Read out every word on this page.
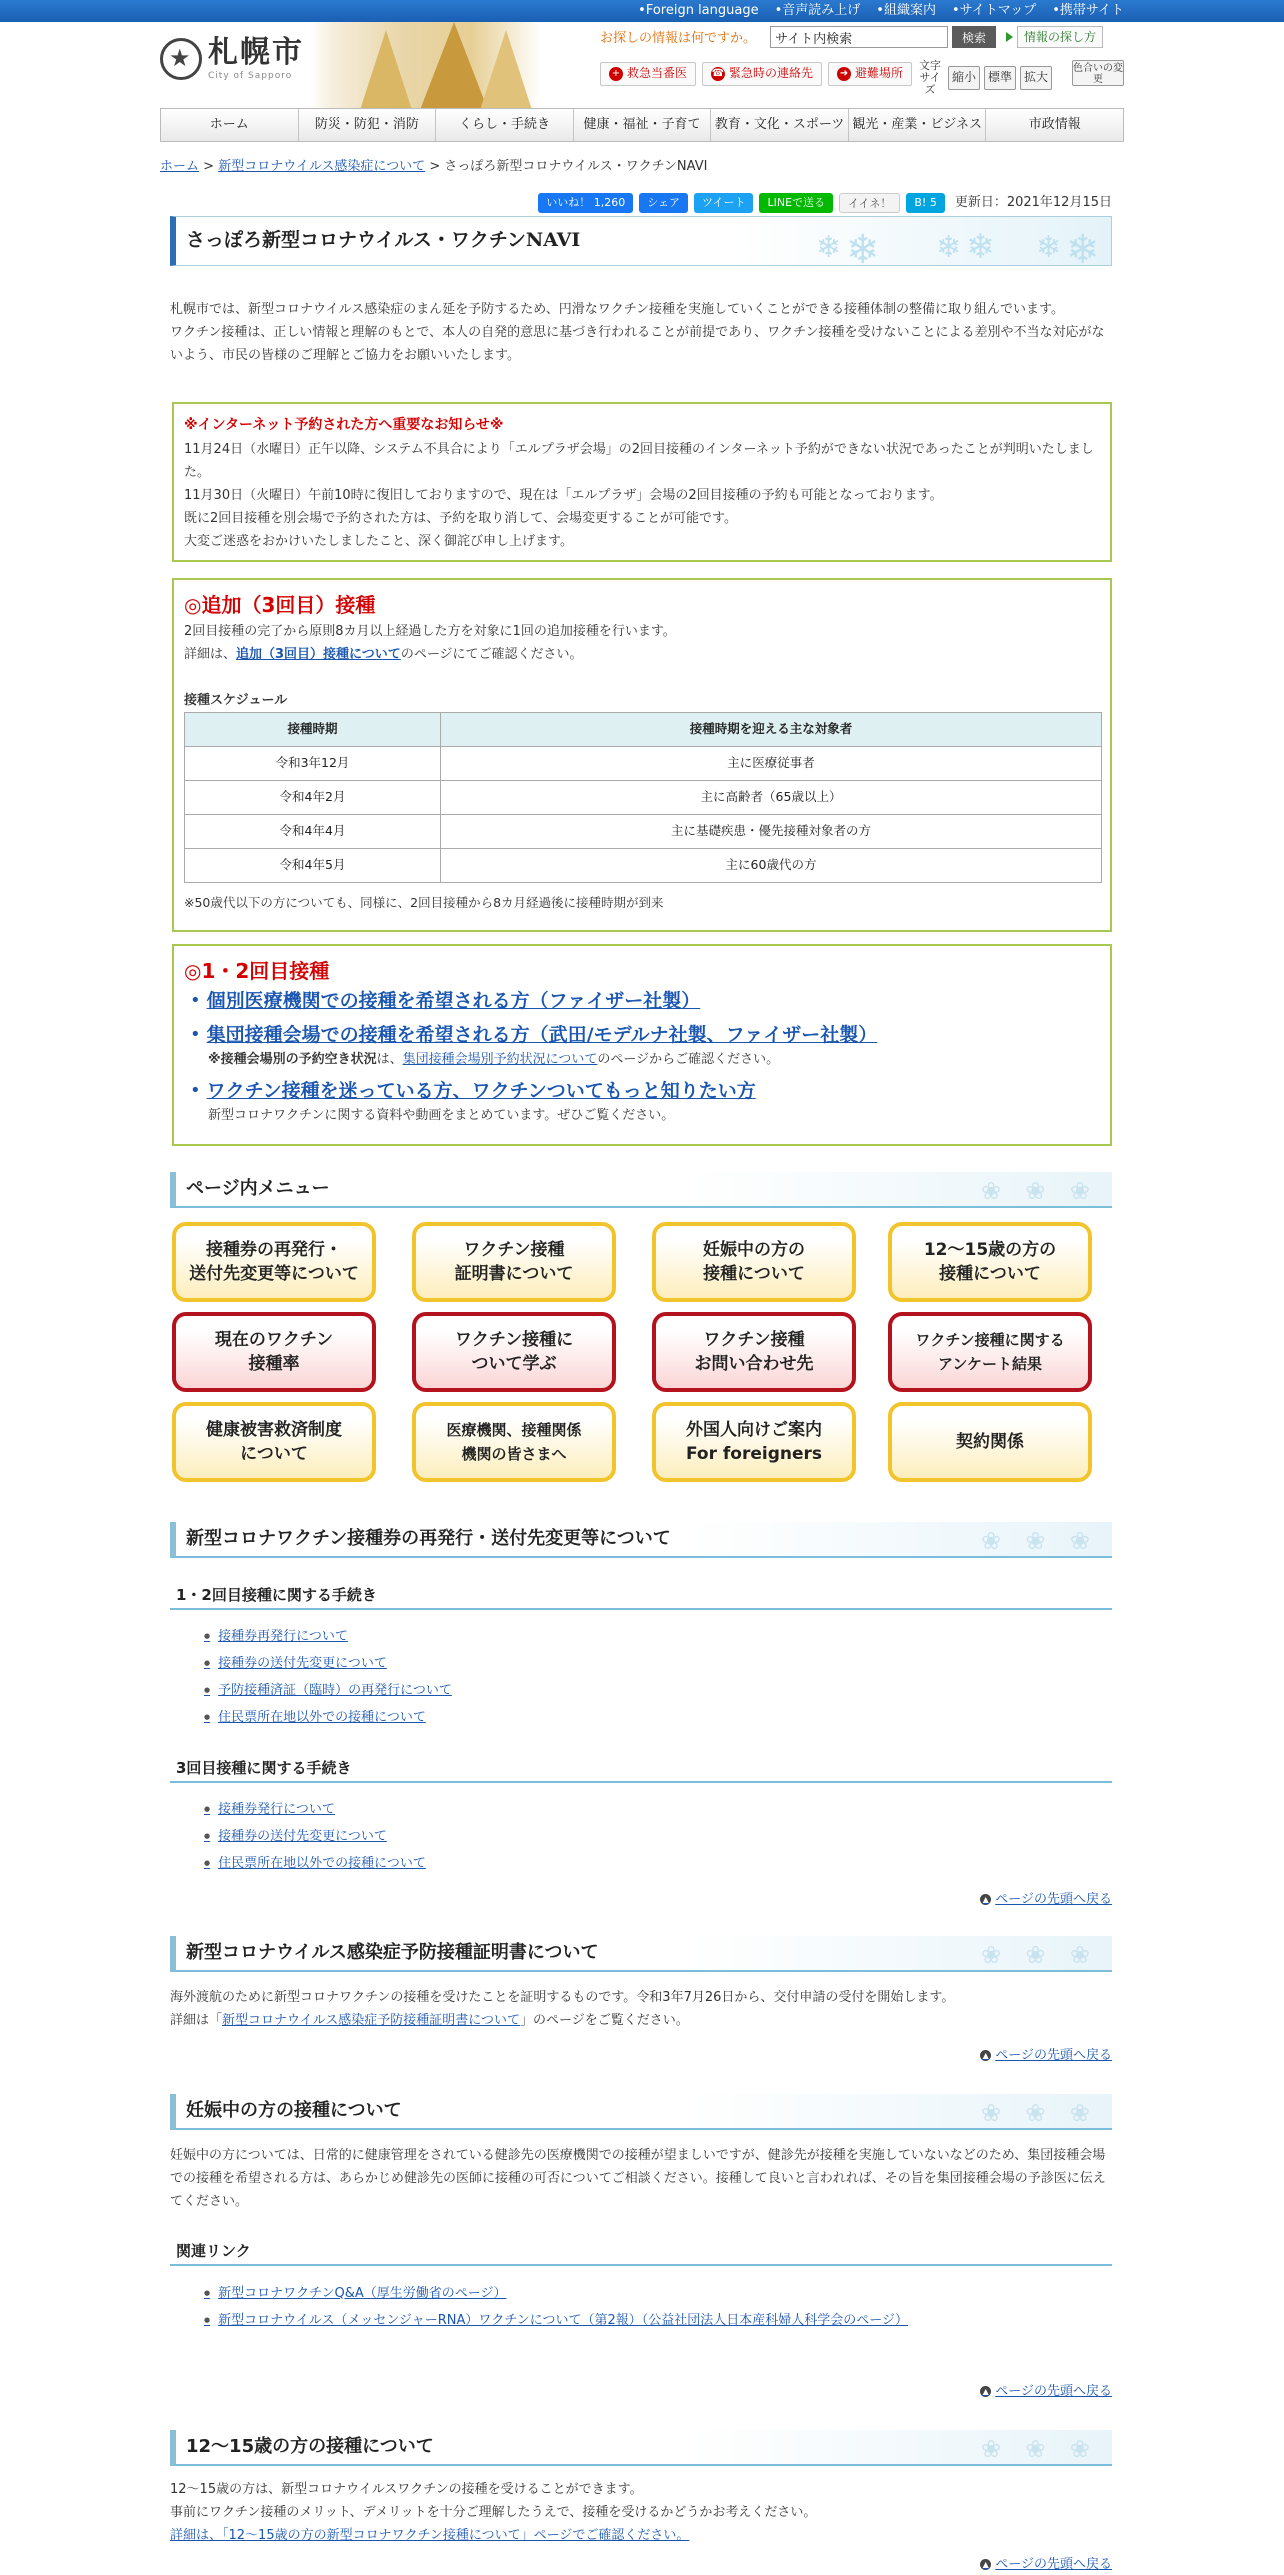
• Foreign language	• 音声読み上げ	• 組織案内	• サイトマップ	• 携帯サイト
★
札幌市
City of Sapporo
お探しの情報は何ですか。
サイト内検索	検索	情報の探し方
+ 救急当番医 ☎ 緊急時の連絡先	➜ 避難場所
文字サイズ
縮小 標準 拡大
色合いの変更
ホーム	防災・防犯・消防	くらし・手続き	健康・福祉・子育て	教育・文化・スポーツ 観光・産業・ビジネス	市政情報
ホーム > 新型コロナウイルス感染症について > さっぽろ新型コロナウイルス・ワクチンNAVI
いいね！ 1,260	シェア	ツイート	LINEで送る	イイネ！	B! 5	更新日：2021年12月15日
さっぽろ新型コロナウイルス・ワクチンNAVI	❄ ❄ ❄ ❄ ❄ ❄
札幌市では、新型コロナウイルス感染症のまん延を予防するため、円滑なワクチン接種を実施していくことができる接種体制の整備に取り組んでいます。
ワクチン接種は、正しい情報と理解のもとで、本人の自発的意思に基づき行われることが前提であり、ワクチン接種を受けないことによる差別や不当な対応がないよう、市民の皆様のご理解とご協力をお願いいたします。
※インターネット予約された方へ重要なお知らせ※
11月24日（水曜日）正午以降、システム不具合により「エルプラザ会場」の2回目接種のインターネット予約ができない状況であったことが判明いたしました。
11月30日（火曜日）午前10時に復旧しておりますので、現在は「エルプラザ」会場の2回目接種の予約も可能となっております。
既に2回目接種を別会場で予約された方は、予約を取り消して、会場変更することが可能です。
大変ご迷惑をおかけいたしましたこと、深く御詫び申し上げます。
◎追加（3回目）接種
2回目接種の完了から原則8カ月以上経過した方を対象に1回の追加接種を行います。
詳細は、追加（3回目）接種についてのページにてご確認ください。
接種スケジュール
接種時期	接種時期を迎える主な対象者
令和3年12月	主に医療従事者
令和4年2月	主に高齢者（65歳以上）
令和4年4月	主に基礎疾患・優先接種対象者の方
令和4年5月	主に60歳代の方
※50歳代以下の方についても、同様に、2回目接種から8カ月経過後に接種時期が到来
◎1・2回目接種
• 個別医療機関での接種を希望される方（ファイザー社製）
• 集団接種会場での接種を希望される方（武田/モデルナ社製、ファイザー社製）
※接種会場別の予約空き状況は、集団接種会場別予約状況についてのページからご確認ください。
• ワクチン接種を迷っている方、ワクチンついてもっと知りたい方
新型コロナワクチンに関する資料や動画をまとめています。ぜひご覧ください。
ページ内メニュー	❀ ❀ ❀
接種券の再発行・
送付先変更等について
ワクチン接種
証明書について
妊娠中の方の
接種について
12～15歳の方の
接種について
現在のワクチン
接種率
ワクチン接種に
ついて学ぶ
ワクチン接種
お問い合わせ先
ワクチン接種に関する
アンケート結果
健康被害救済制度
について
医療機関、接種関係
機関の皆さまへ
外国人向けご案内
For foreigners
契約関係
新型コロナワクチン接種券の再発行・送付先変更等について	❀ ❀ ❀
1・2回目接種に関する手続き
● 接種券再発行について
● 接種券の送付先変更について
● 予防接種済証（臨時）の再発行について
● 住民票所在地以外での接種について
3回目接種に関する手続き
● 接種券発行について
● 接種券の送付先変更について
● 住民票所在地以外での接種について
▲ ページの先頭へ戻る
新型コロナウイルス感染症予防接種証明書について	❀ ❀ ❀
海外渡航のために新型コロナワクチンの接種を受けたことを証明するものです。令和3年7月26日から、交付申請の受付を開始します。
詳細は「新型コロナウイルス感染症予防接種証明書について」のページをご覧ください。
▲ ページの先頭へ戻る
妊娠中の方の接種について	❀ ❀ ❀
妊娠中の方については、日常的に健康管理をされている健診先の医療機関での接種が望ましいですが、健診先が接種を実施していないなどのため、集団接種会場での接種を希望される方は、あらかじめ健診先の医師に接種の可否についてご相談ください。接種して良いと言われれば、その旨を集団接種会場の予診医に伝えてください。
関連リンク
● 新型コロナワクチンQ&A（厚生労働省のページ）
● 新型コロナウイルス（メッセンジャーRNA）ワクチンについて（第2報）（公益社団法人日本産科婦人科学会のページ）
▲ ページの先頭へ戻る
12～15歳の方の接種について	❀ ❀ ❀
12～15歳の方は、新型コロナウイルスワクチンの接種を受けることができます。
事前にワクチン接種のメリット、デメリットを十分ご理解したうえで、接種を受けるかどうかお考えください。
詳細は、「12～15歳の方の新型コロナワクチン接種について」ページでご確認ください。
▲ ページの先頭へ戻る
